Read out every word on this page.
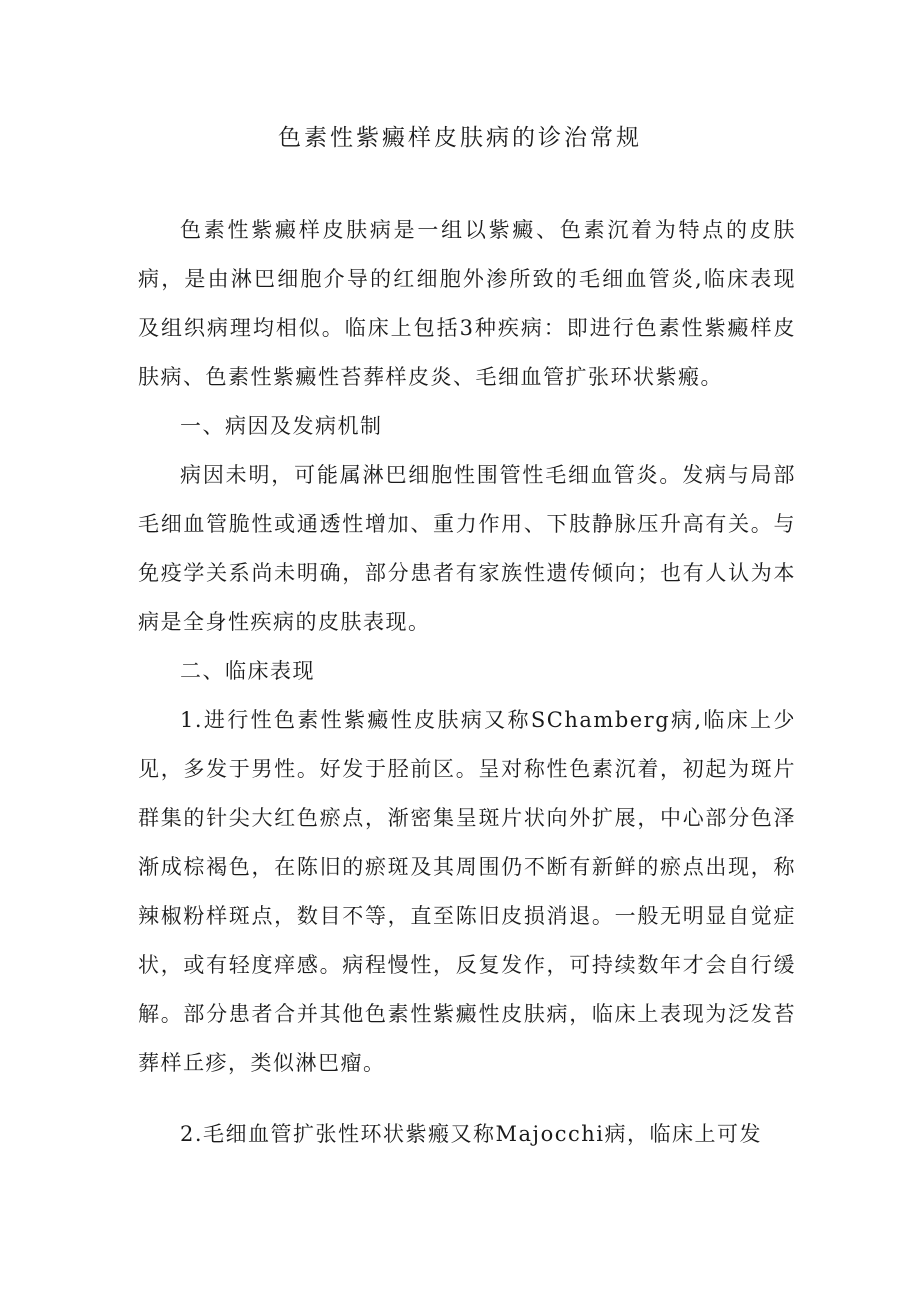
色素性紫癜样皮肤病的诊治常规

色素性紫癜样皮肤病是一组以紫癜、色素沉着为特点的皮肤病，是由淋巴细胞介导的红细胞外渗所致的毛细血管炎,临床表现及组织病理均相似。临床上包括3种疾病：即进行色素性紫癜样皮肤病、色素性紫癜性苔葬样皮炎、毛细血管扩张环状紫瘢。

一、病因及发病机制

病因未明，可能属淋巴细胞性围管性毛细血管炎。发病与局部毛细血管脆性或通透性增加、重力作用、下肢静脉压升高有关。与免疫学关系尚未明确，部分患者有家族性遗传倾向；也有人认为本病是全身性疾病的皮肤表现。

二、临床表现

1.进行性色素性紫癜性皮肤病又称SChamberg病,临床上少见，多发于男性。好发于胫前区。呈对称性色素沉着，初起为斑片群集的针尖大红色瘀点，渐密集呈斑片状向外扩展，中心部分色泽渐成棕褐色，在陈旧的瘀斑及其周围仍不断有新鲜的瘀点出现，称辣椒粉样斑点，数目不等，直至陈旧皮损消退。一般无明显自觉症状，或有轻度痒感。病程慢性，反复发作，可持续数年才会自行缓解。部分患者合并其他色素性紫癜性皮肤病，临床上表现为泛发苔葬样丘疹，类似淋巴瘤。

2.毛细血管扩张性环状紫瘢又称Majocchi病，临床上可发
